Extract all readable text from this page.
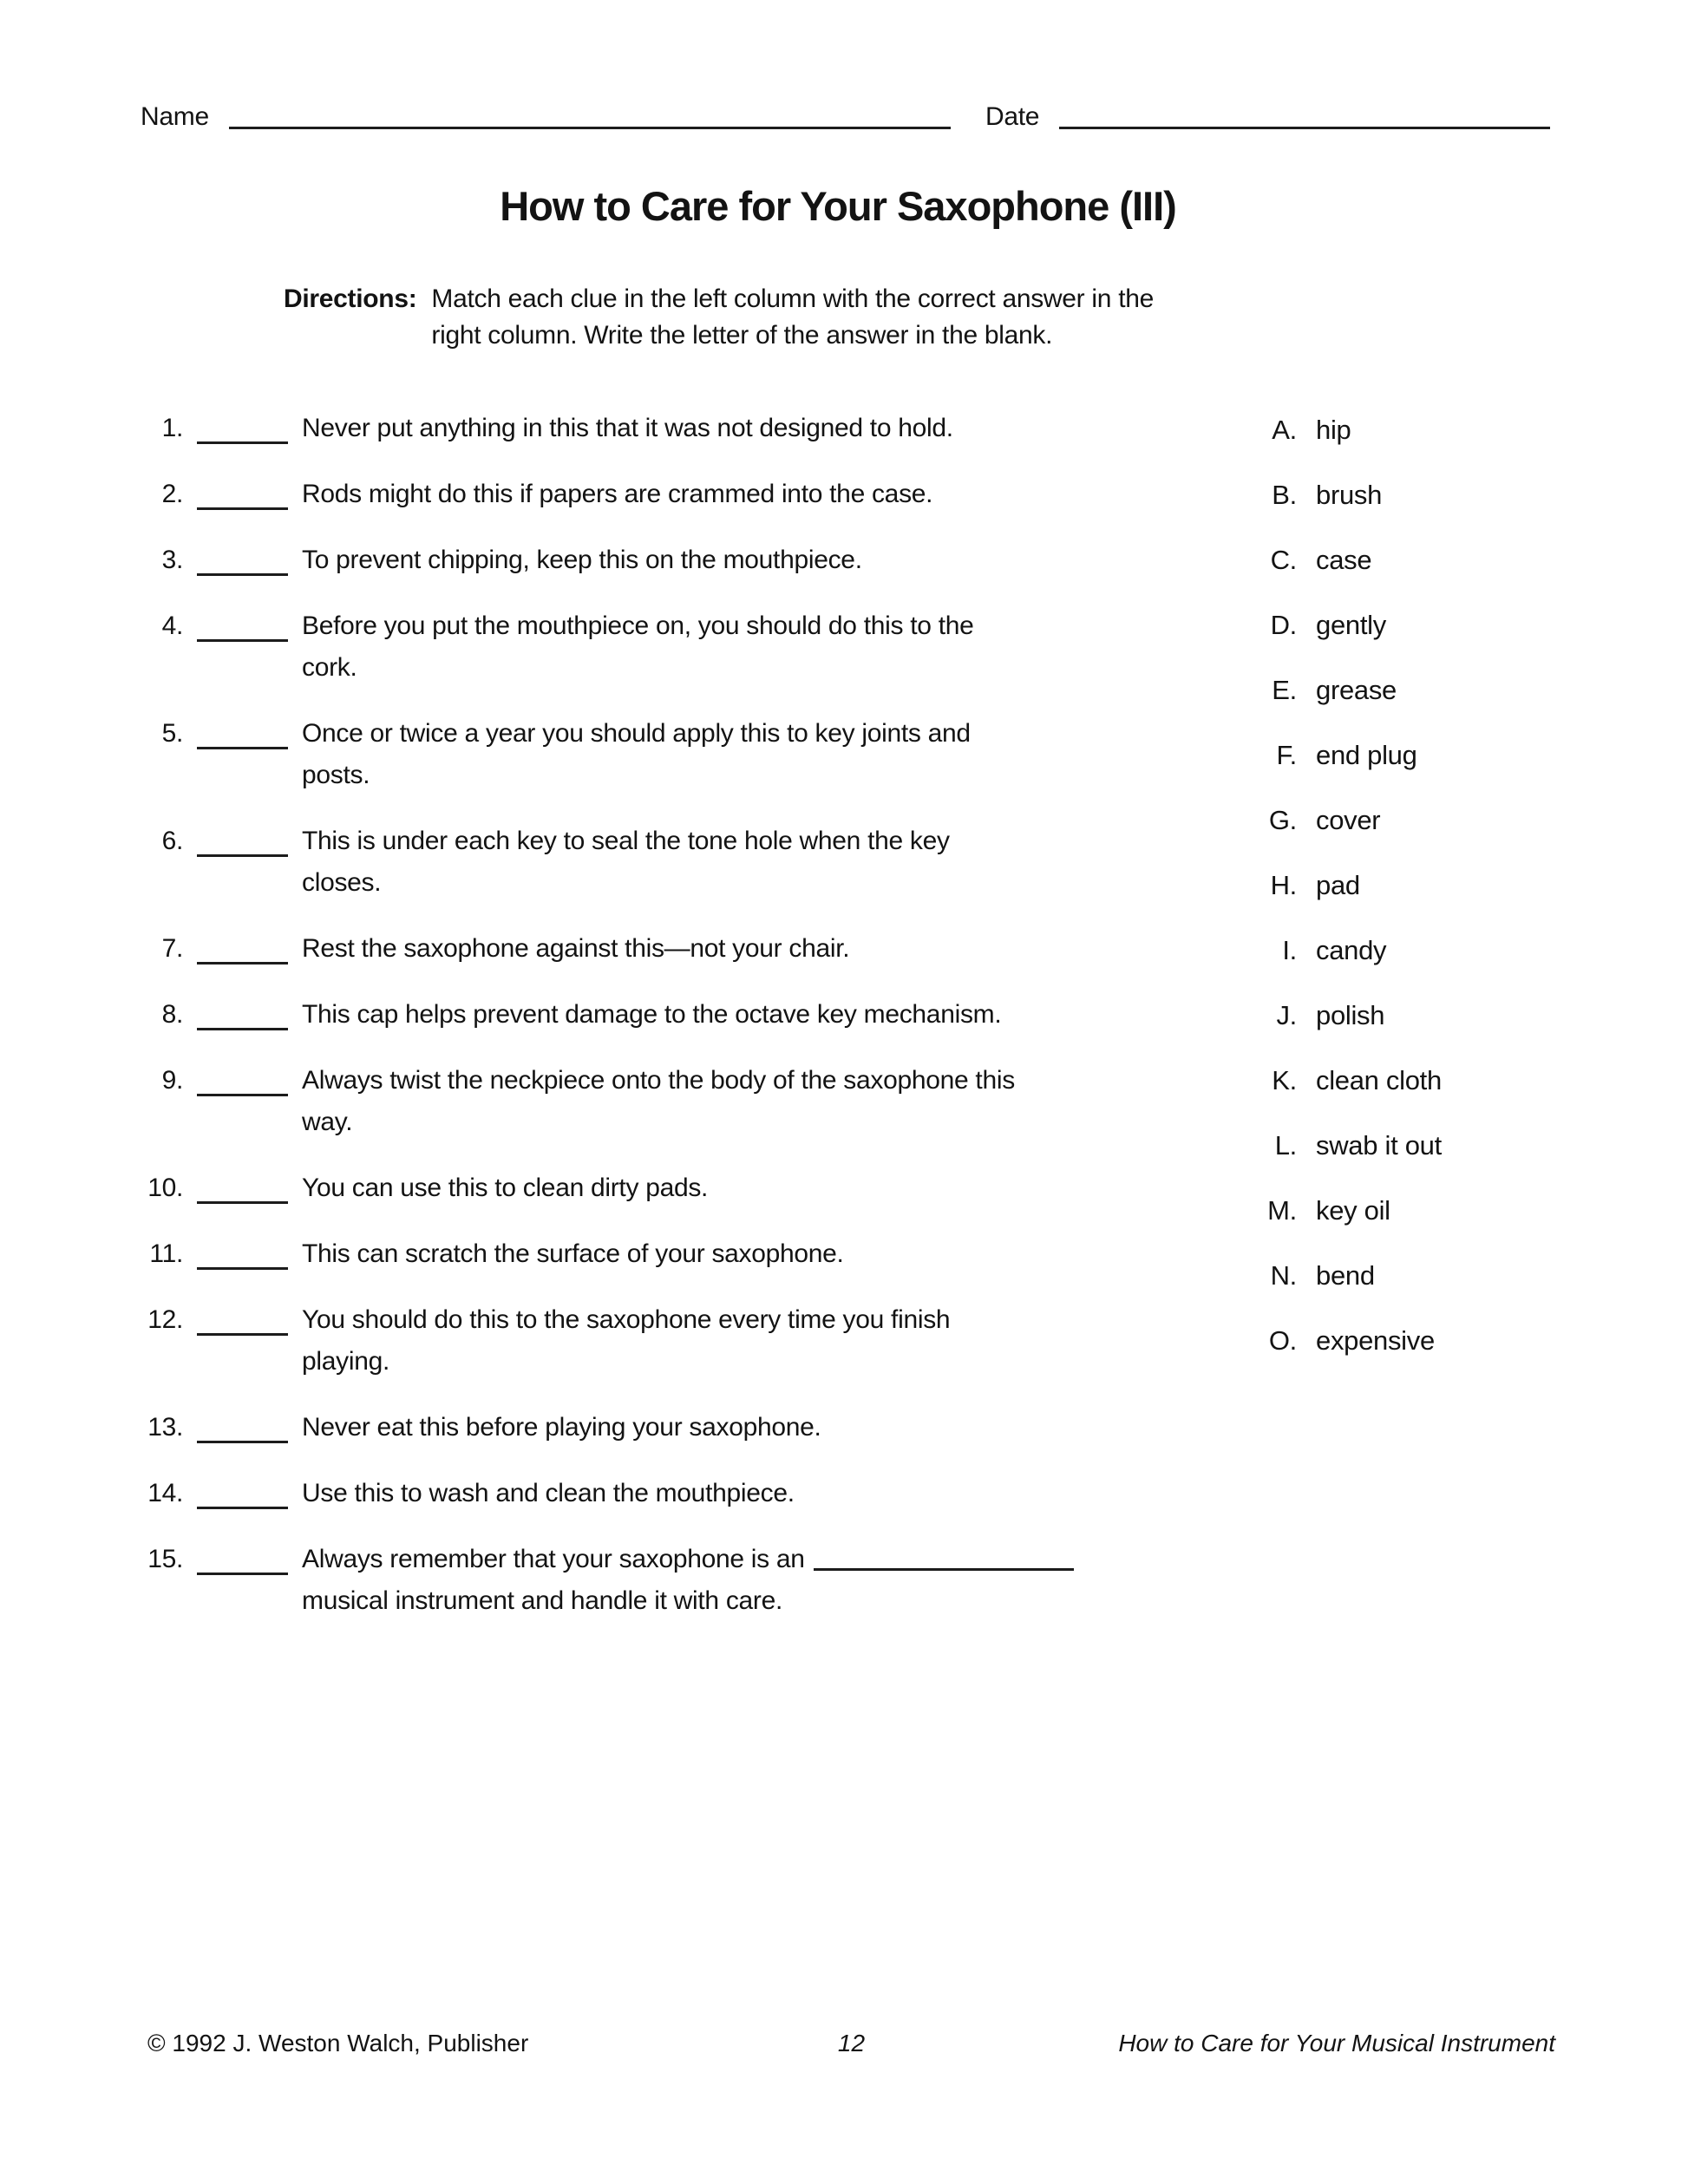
Name	Date
How to Care for Your Saxophone (III)
Directions: Match each clue in the left column with the correct answer in the
right column. Write the letter of the answer in the blank.
1.	Never put anything in this that it was not designed to hold.
2.	Rods might do this if papers are crammed into the case.
3.	To prevent chipping, keep this on the mouthpiece.
4.	Before you put the mouthpiece on, you should do this to the
cork.
5.	Once or twice a year you should apply this to key joints and
posts.
6.	This is under each key to seal the tone hole when the key
closes.
7.	Rest the saxophone against this—not your chair.
8.	This cap helps prevent damage to the octave key mechanism.
9.	Always twist the neckpiece onto the body of the saxophone this
way.
10.	You can use this to clean dirty pads.
11.	This can scratch the surface of your saxophone.
12.	You should do this to the saxophone every time you finish
playing.
13.	Never eat this before playing your saxophone.
14.	Use this to wash and clean the mouthpiece.
15.	Always remember that your saxophone is an
musical instrument and handle it with care.
A. hip
B. brush
C. case
D. gently
E. grease
F. end plug
G. cover
H. pad
I. candy
J. polish
K. clean cloth
L. swab it out
M. key oil
N. bend
O. expensive
© 1992 J. Weston Walch, Publisher	12	How to Care for Your Musical Instrument
